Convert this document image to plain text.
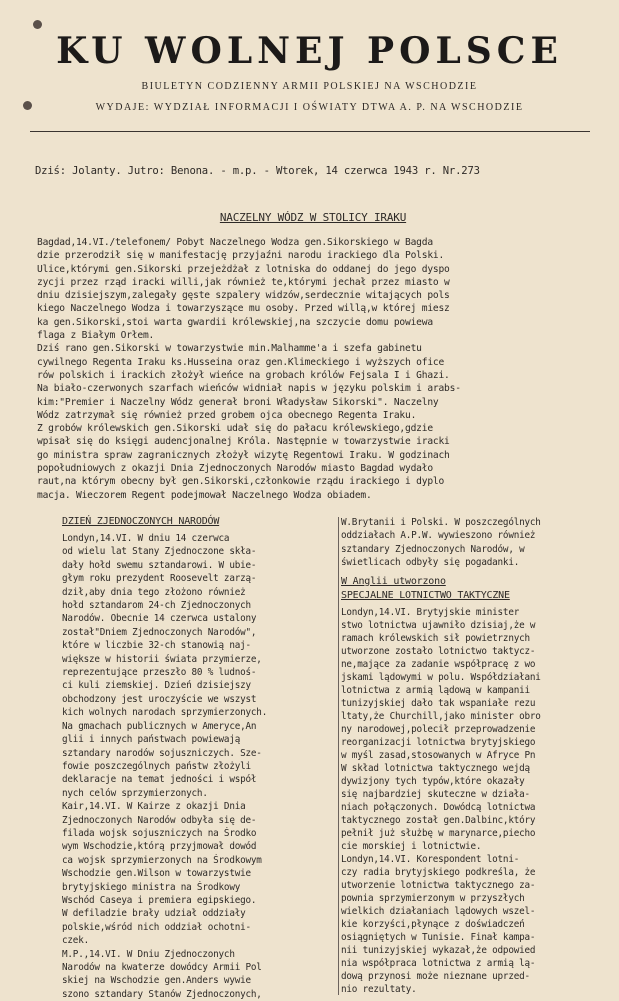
KU WOLNEJ POLSCE
BIULETYN CODZIENNY ARMII POLSKIEJ NA WSCHODZIE
WYDAJE: WYDZIAŁ INFORMACJI I OŚWIATY DTWA A. P. NA WSCHODZIE
Dziś: Jolanty. Jutro: Benona. - m.p. - Wtorek, 14 czerwca 1943 r. Nr.273
NACZELNY WÓDZ W STOLICY IRAKU
Bagdad,14.VI./telefonem/ Pobyt Naczelnego Wodza gen.Sikorskiego w Bagda
dzie przerodził się w manifestację przyjaźni narodu irackiego dla Polski.
Ulice,którymi gen.Sikorski przejeżdżał z lotniska do oddanej do jego dyspo
zycji przez rząd iracki willi,jak również te,którymi jechał przez miasto w
dniu dzisiejszym,zalegały gęste szpalery widzów,serdecznie witających pols
kiego Naczelnego Wodza i towarzyszące mu osoby. Przed willą,w której miesz
ka gen.Sikorski,stoi warta gwardii królewskiej,na szczycie domu powiewa
flaga z Białym Orłem.
Dziś rano gen.Sikorski w towarzystwie min.Malhamme'a i szefa gabinetu
cywilnego Regenta Iraku ks.Husseina oraz gen.Klimeckiego i wyższych ofice
rów polskich i irackich złożył wieńce na grobach królów Fejsala I i Ghazi.
Na biało-czerwonych szarfach wieńców widniał napis w języku polskim i arabs-
kim:"Premier i Naczelny Wódz generał broni Władysław Sikorski". Naczelny
Wódz zatrzymał się również przed grobem ojca obecnego Regenta Iraku.
Z grobów królewskich gen.Sikorski udał się do pałacu królewskiego,gdzie
wpisał się do księgi audencjonalnej Króla. Następnie w towarzystwie iracki
go ministra spraw zagranicznych złożył wizytę Regentowi Iraku. W godzinach
popołudniowych z okazji Dnia Zjednoczonych Narodów miasto Bagdad wydało
raut,na którym obecny był gen.Sikorski,członkowie rządu irackiego i dyplo
macja. Wieczorem Regent podejmował Naczelnego Wodza obiadem.
DZIEŃ ZJEDNOCZONYCH NARODÓW
Londyn,14.VI. W dniu 14 czerwca
od wielu lat Stany Zjednoczone skła-
dały hołd swemu sztandarowi. W ubie-
głym roku prezydent Roosevelt zarzą-
dził,aby dnia tego złożono również
hołd sztandarom 24-ch Zjednoczonych
Narodów. Obecnie 14 czerwca ustalony
został"Dniem Zjednoczonych Narodów",
które w liczbie 32-ch stanowią naj-
większe w historii świata przymierze,
reprezentujące przeszło 80 % ludnoś-
ci kuli ziemskiej. Dzień dzisiejszy
obchodzony jest uroczyście we wszyst
kich wolnych narodach sprzymierzonych.
Na gmachach publicznych w Ameryce,An
glii i innych państwach powiewają
sztandary narodów sojuszniczych. Sze-
fowie poszczególnych państw złożyli
deklaracje na temat jedności i współ
nych celów sprzymierzonych.
Kair,14.VI. W Kairze z okazji Dnia
Zjednoczonych Narodów odbyła się de-
filada wojsk sojuszniczych na Środko
wym Wschodzie,którą przyjmował dowód
ca wojsk sprzymierzonych na Środkowym
Wschodzie gen.Wilson w towarzystwie
brytyjskiego ministra na Środkowy
Wschód Caseya i premiera egipskiego.
W defiladzie brały udział oddziały
polskie,wśród nich oddział ochotni-
czek.
M.P.,14.VI. W Dniu Zjednoczonych
Narodów na kwaterze dowódcy Armii Pol
skiej na Wschodzie gen.Anders wywie
szono sztandary Stanów Zjednoczonych,
W.Brytanii i Polski. W poszczególnych
oddziałach A.P.W. wywieszono również
sztandary Zjednoczonych Narodów, w
świetlicach odbyły się pogadanki.
W Anglii utworzono
SPECJALNE LOTNICTWO TAKTYCZNE
Londyn,14.VI. Brytyjskie minister
stwo lotnictwa ujawniło dzisiaj,że w
ramach królewskich sił powietrznych
utworzone zostało lotnictwo taktycz-
ne,mające za zadanie współpracę z wo
jskami lądowymi w polu. Współdziałani
lotnictwa z armią lądową w kampanii
tunizyjskiej dało tak wspaniałe rezu
ltaty,że Churchill,jako minister obro
ny narodowej,polecił przeprowadzenie
reorganizacji lotnictwa brytyjskiego
w myśl zasad,stosowanych w Afryce Pn
W skład lotnictwa taktycznego wejdą
dywizjony tych typów,które okazały
się najbardziej skuteczne w działa-
niach połączonych. Dowódcą lotnictwa
taktycznego został gen.Dalbinc,który
pełnił już służbę w marynarce,piecho
cie morskiej i lotnictwie.
Londyn,14.VI. Korespondent lotni-
czy radia brytyjskiego podkreśla, że
utworzenie lotnictwa taktycznego za-
pownia sprzymierzonym w przyszłych
wielkich działaniach lądowych wszel-
kie korzyści,płynące z doświadczeń
osiągniętych w Tunisie. Finał kampa-
nii tunizyjskiej wykazał,że odpowied
nia współpraca lotnictwa z armią lą-
dową przynosi może nieznane uprzed-
nio rezultaty.
